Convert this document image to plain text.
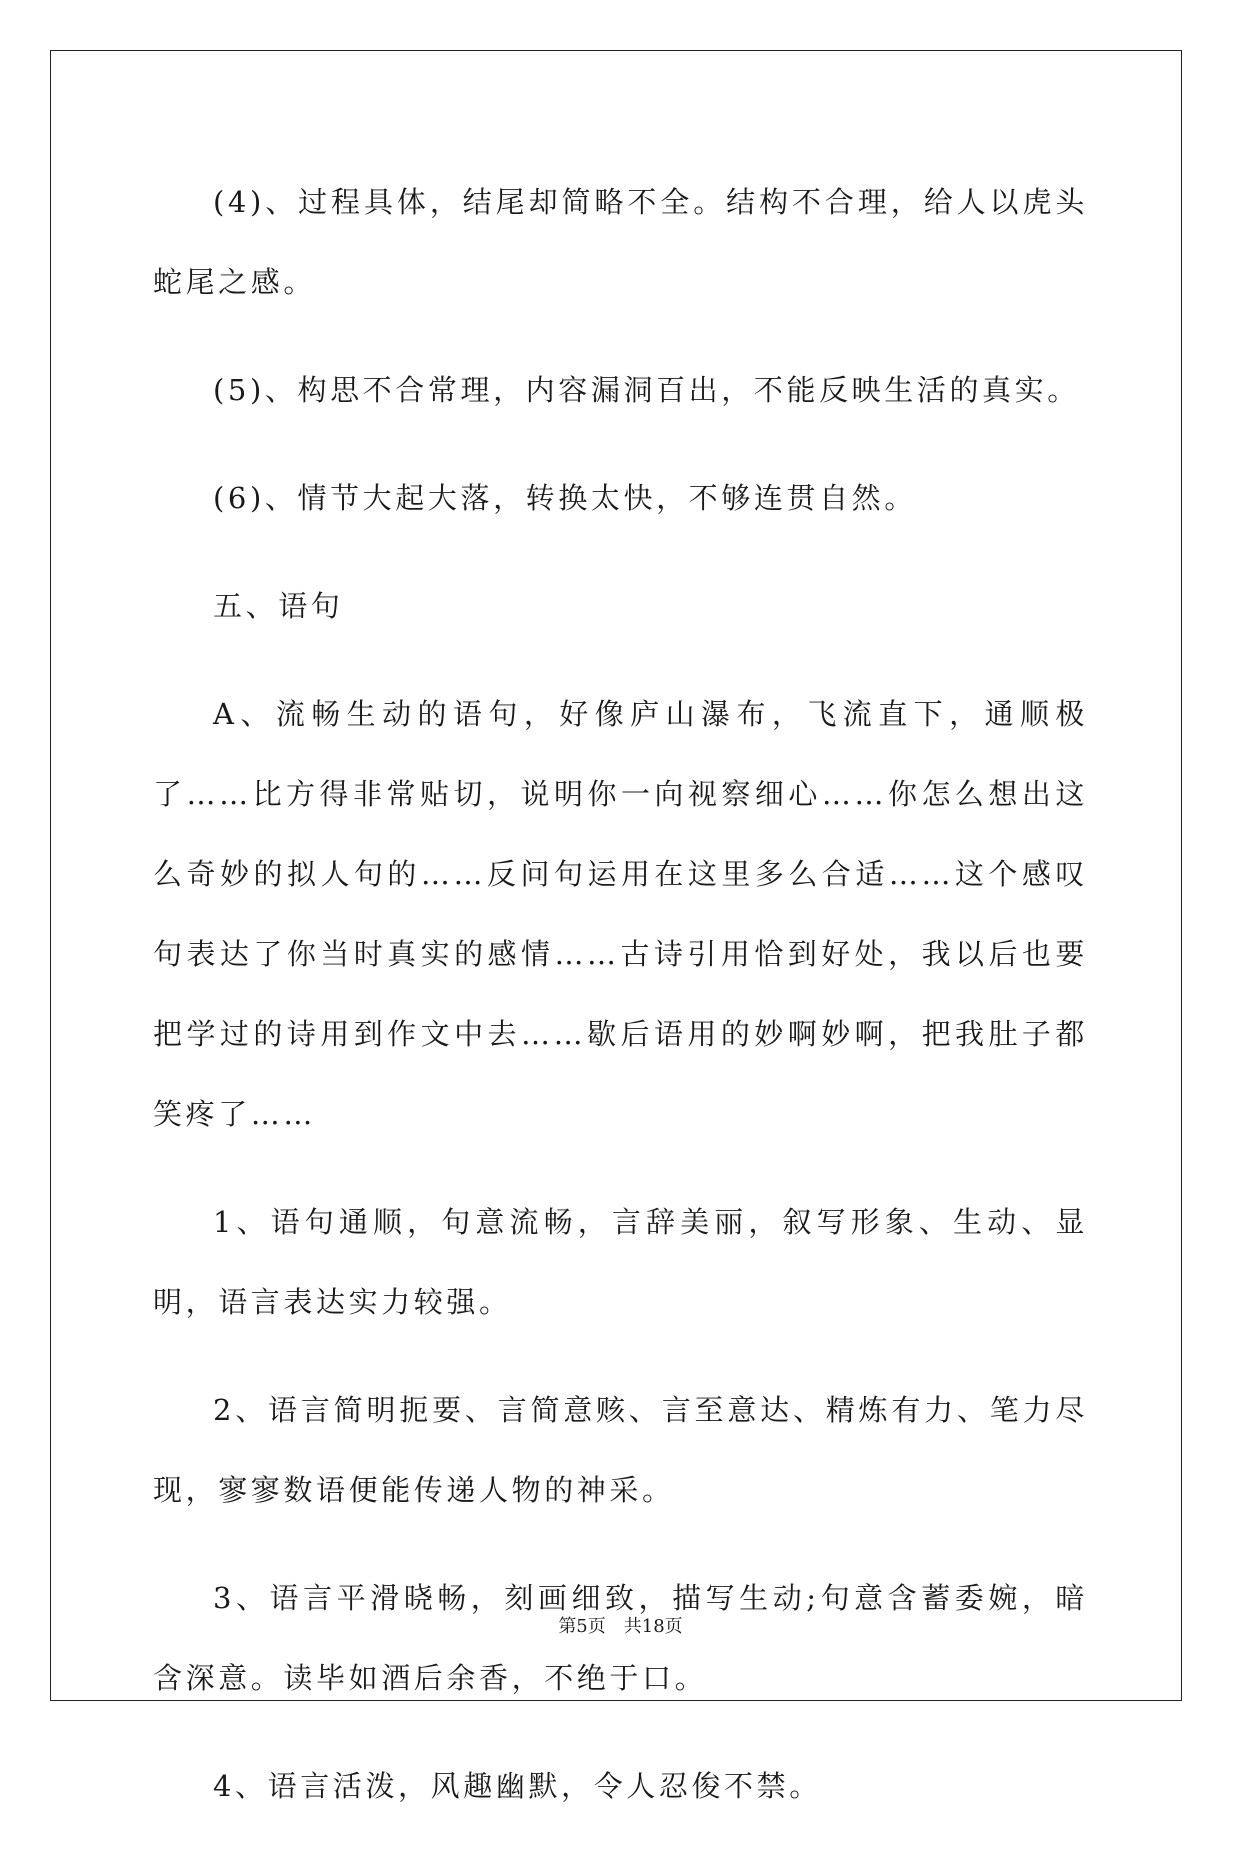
(4)、过程具体，结尾却简略不全。结构不合理，给人以虎头蛇尾之感。

(5)、构思不合常理，内容漏洞百出，不能反映生活的真实。

(6)、情节大起大落，转换太快，不够连贯自然。

五、语句

A、流畅生动的语句，好像庐山瀑布，飞流直下，通顺极了……比方得非常贴切，说明你一向视察细心……你怎么想出这么奇妙的拟人句的……反问句运用在这里多么合适……这个感叹句表达了你当时真实的感情……古诗引用恰到好处，我以后也要把学过的诗用到作文中去……歇后语用的妙啊妙啊，把我肚子都笑疼了……

1、语句通顺，句意流畅，言辞美丽，叙写形象、生动、显明，语言表达实力较强。

2、语言简明扼要、言简意赅、言至意达、精炼有力、笔力尽现，寥寥数语便能传递人物的神采。

3、语言平滑晓畅，刻画细致，描写生动;句意含蓄委婉，暗含深意。读毕如酒后余香，不绝于口。

4、语言活泼，风趣幽默，令人忍俊不禁。

第5页 共18页
